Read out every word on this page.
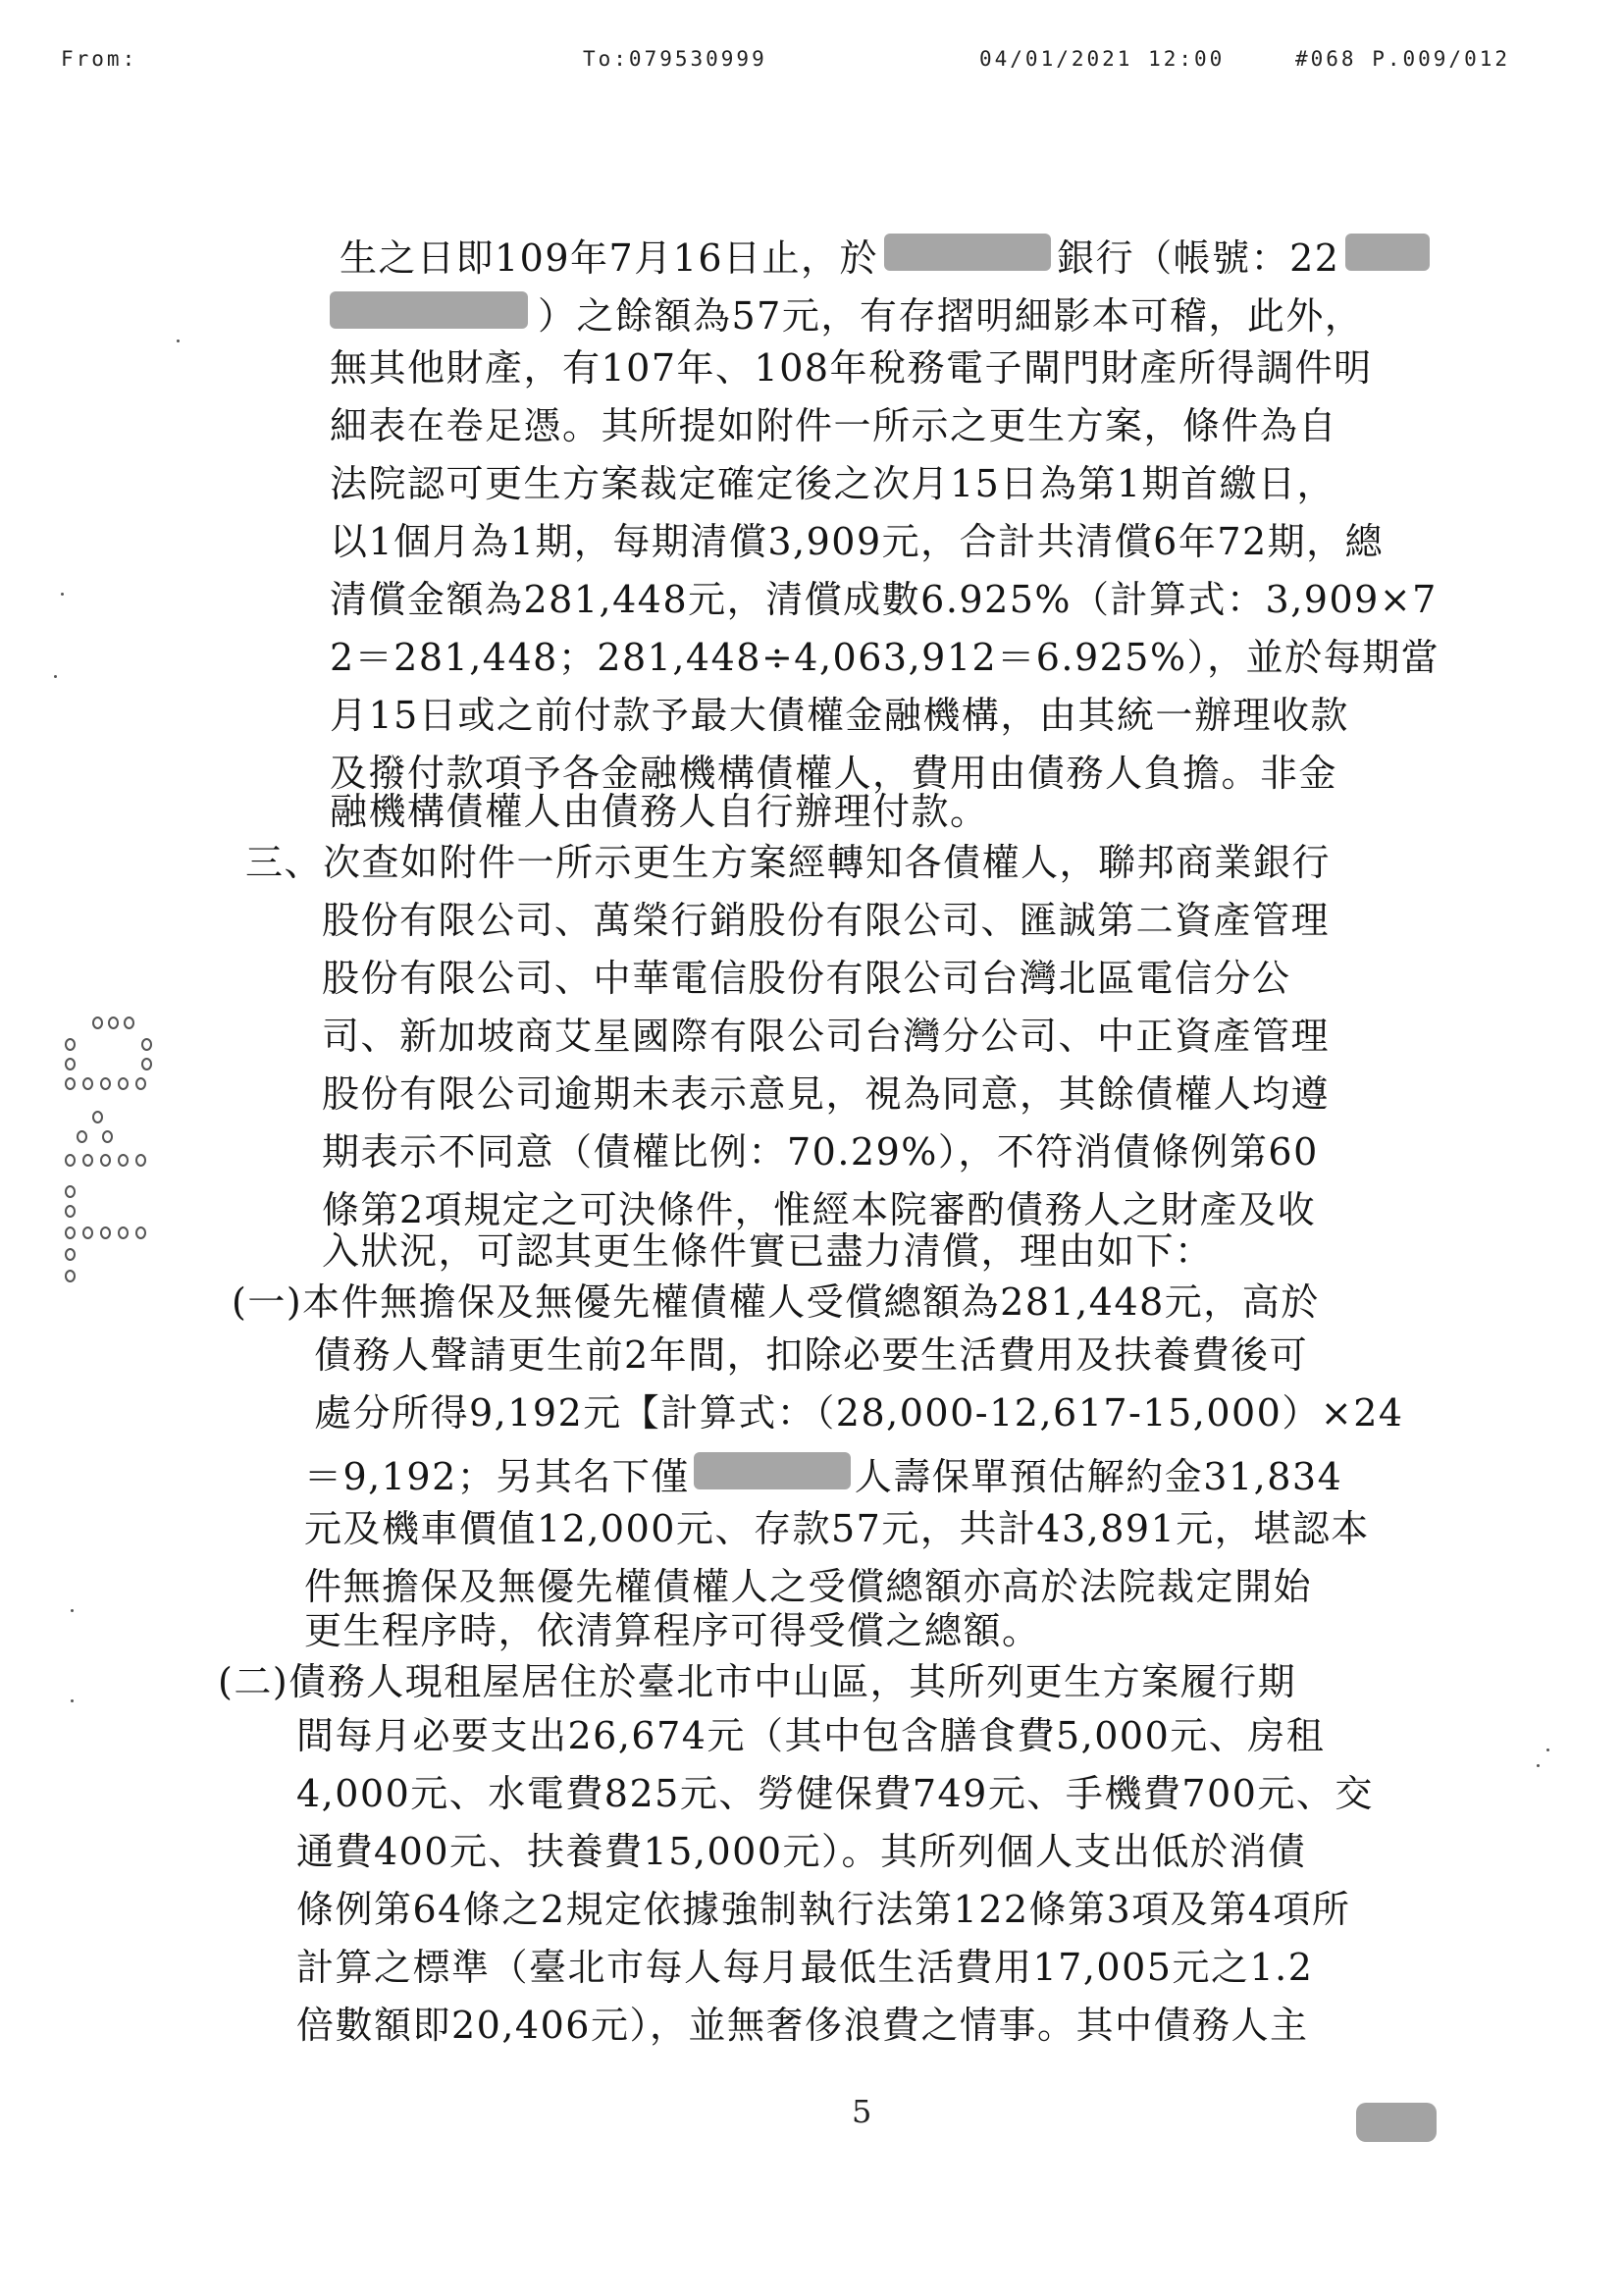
From:	To:079530999	04/01/2021 12:00	#068 P.009/012
生之日即109年7月16日止，於	銀行（帳號：22
）之餘額為57元，有存摺明細影本可稽，此外，
無其他財產，有107年、108年稅務電子閘門財產所得調件明
細表在卷足憑。其所提如附件一所示之更生方案，條件為自
法院認可更生方案裁定確定後之次月15日為第1期首繳日，
以1個月為1期，每期清償3,909元，合計共清償6年72期，總
清償金額為281,448元，清償成數6.925%（計算式：3,909×7
2＝281,448；281,448÷4,063,912＝6.925%），並於每期當
月15日或之前付款予最大債權金融機構，由其統一辦理收款
及撥付款項予各金融機構債權人，費用由債務人負擔。非金
融機構債權人由債務人自行辦理付款。
三、次查如附件一所示更生方案經轉知各債權人，聯邦商業銀行
股份有限公司、萬榮行銷股份有限公司、匯誠第二資產管理
股份有限公司、中華電信股份有限公司台灣北區電信分公
司、新加坡商艾星國際有限公司台灣分公司、中正資產管理
股份有限公司逾期未表示意見，視為同意，其餘債權人均遵
期表示不同意（債權比例：70.29%），不符消債條例第60
條第2項規定之可決條件，惟經本院審酌債務人之財產及收
入狀況，可認其更生條件實已盡力清償，理由如下：
(一)本件無擔保及無優先權債權人受償總額為281,448元，高於
債務人聲請更生前2年間，扣除必要生活費用及扶養費後可
處分所得9,192元【計算式：（28,000-12,617-15,000）×24
＝9,192；另其名下僅	人壽保單預估解約金31,834
元及機車價值12,000元、存款57元，共計43,891元，堪認本
件無擔保及無優先權債權人之受償總額亦高於法院裁定開始
更生程序時，依清算程序可得受償之總額。
(二)債務人現租屋居住於臺北市中山區，其所列更生方案履行期
間每月必要支出26,674元（其中包含膳食費5,000元、房租
4,000元、水電費825元、勞健保費749元、手機費700元、交
通費400元、扶養費15,000元）。其所列個人支出低於消債
條例第64條之2規定依據強制執行法第122條第3項及第4項所
計算之標準（臺北市每人每月最低生活費用17,005元之1.2
倍數額即20,406元），並無奢侈浪費之情事。其中債務人主
5
